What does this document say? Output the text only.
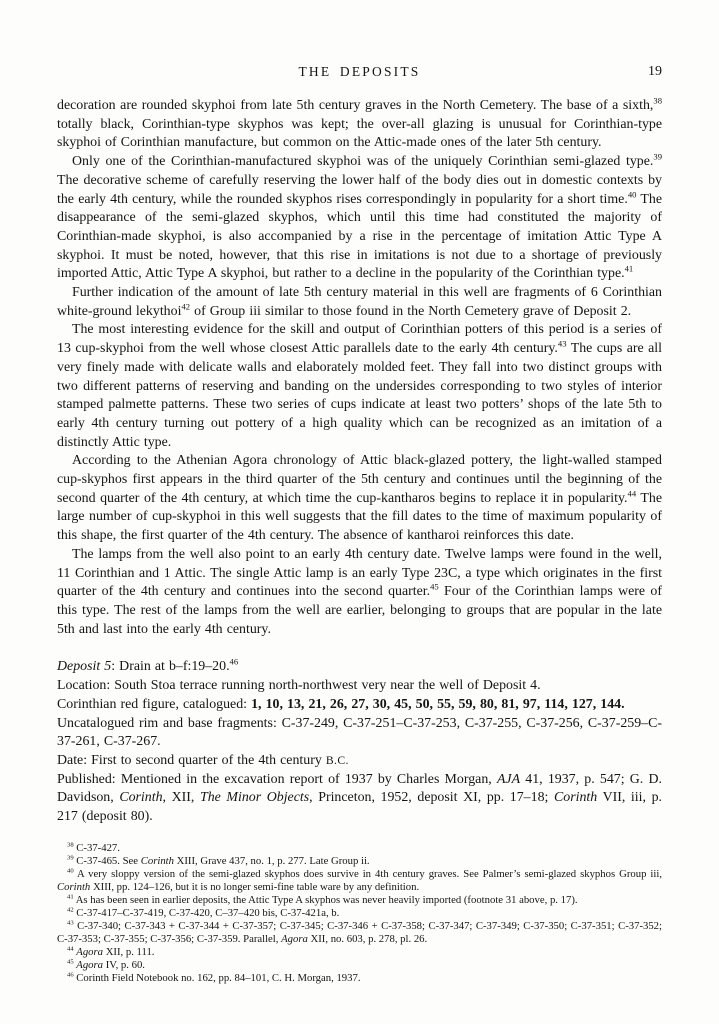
THE DEPOSITS	19

decoration are rounded skyphoi from late 5th century graves in the North Cemetery. The base of a sixth,$^{38}$ totally black, Corinthian-type skyphos was kept; the over-all glazing is unusual for Corinthian-type skyphoi of Corinthian manufacture, but common on the Attic-made ones of the later 5th century.

Only one of the Corinthian-manufactured skyphoi was of the uniquely Corinthian semi-glazed type.$^{39}$ The decorative scheme of carefully reserving the lower half of the body dies out in domestic contexts by the early 4th century, while the rounded skyphos rises correspondingly in popularity for a short time.$^{40}$ The disappearance of the semi-glazed skyphos, which until this time had constituted the majority of Corinthian-made skyphoi, is also accompanied by a rise in the percentage of imitation Attic Type A skyphoi. It must be noted, however, that this rise in imitations is not due to a shortage of previously imported Attic, Attic Type A skyphoi, but rather to a decline in the popularity of the Corinthian type.$^{41}$

Further indication of the amount of late 5th century material in this well are fragments of 6 Corinthian white-ground lekythoi$^{42}$ of Group iii similar to those found in the North Cemetery grave of Deposit 2.

The most interesting evidence for the skill and output of Corinthian potters of this period is a series of 13 cup-skyphoi from the well whose closest Attic parallels date to the early 4th century.$^{43}$ The cups are all very finely made with delicate walls and elaborately molded feet. They fall into two distinct groups with two different patterns of reserving and banding on the undersides corresponding to two styles of interior stamped palmette patterns. These two series of cups indicate at least two potters’ shops of the late 5th to early 4th century turning out pottery of a high quality which can be recognized as an imitation of a distinctly Attic type.

According to the Athenian Agora chronology of Attic black-glazed pottery, the light-walled stamped cup-skyphos first appears in the third quarter of the 5th century and continues until the beginning of the second quarter of the 4th century, at which time the cup-kantharos begins to replace it in popularity.$^{44}$ The large number of cup-skyphoi in this well suggests that the fill dates to the time of maximum popularity of this shape, the first quarter of the 4th century. The absence of kantharoi reinforces this date.

The lamps from the well also point to an early 4th century date. Twelve lamps were found in the well, 11 Corinthian and 1 Attic. The single Attic lamp is an early Type 23C, a type which originates in the first quarter of the 4th century and continues into the second quarter.$^{45}$ Four of the Corinthian lamps were of this type. The rest of the lamps from the well are earlier, belonging to groups that are popular in the late 5th and last into the early 4th century.

Deposit 5: Drain at b–f:19–20.46

Location: South Stoa terrace running north-northwest very near the well of Deposit 4.

Corinthian red figure, catalogued: 1, 10, 13, 21, 26, 27, 30, 45, 50, 55, 59, 80, 81, 97, 114, 127, 144.

Uncatalogued rim and base fragments: C-37-249, C-37-251–C-37-253, C-37-255, C-37-256, C-37-259–C-37-261, C-37-267.

Date: First to second quarter of the 4th century B.C.

Published: Mentioned in the excavation report of 1937 by Charles Morgan, AJA 41, 1937, p. 547; G. D. Davidson, Corinth, XII, The Minor Objects, Princeton, 1952, deposit XI, pp. 17–18; Corinth VII, iii, p. 217 (deposit 80).

$^{38}$ C-37-427.

$^{39}$ C-37-465. See Corinth XIII, Grave 437, no. 1, p. 277. Late Group ii.

$^{40}$ A very sloppy version of the semi-glazed skyphos does survive in 4th century graves. See Palmer’s semi-glazed skyphos Group iii, Corinth XIII, pp. 124–126, but it is no longer semi-fine table ware by any definition.

$^{41}$ As has been seen in earlier deposits, the Attic Type A skyphos was never heavily imported (footnote 31 above, p. 17).

$^{42}$ C-37-417–C-37-419, C-37-420, C–37–420 bis, C-37-421a, b.

$^{43}$ C-37-340; C-37-343 + C-37-344 + C-37-357; C-37-345; C-37-346 + C-37-358; C-37-347; C-37-349; C-37-350; C-37-351; C-37-352; C-37-353; C-37-355; C-37-356; C-37-359. Parallel, Agora XII, no. 603, p. 278, pl. 26.

$^{44}$ Agora XII, p. 111.

$^{45}$ Agora IV, p. 60.

$^{46}$ Corinth Field Notebook no. 162, pp. 84–101, C. H. Morgan, 1937.
